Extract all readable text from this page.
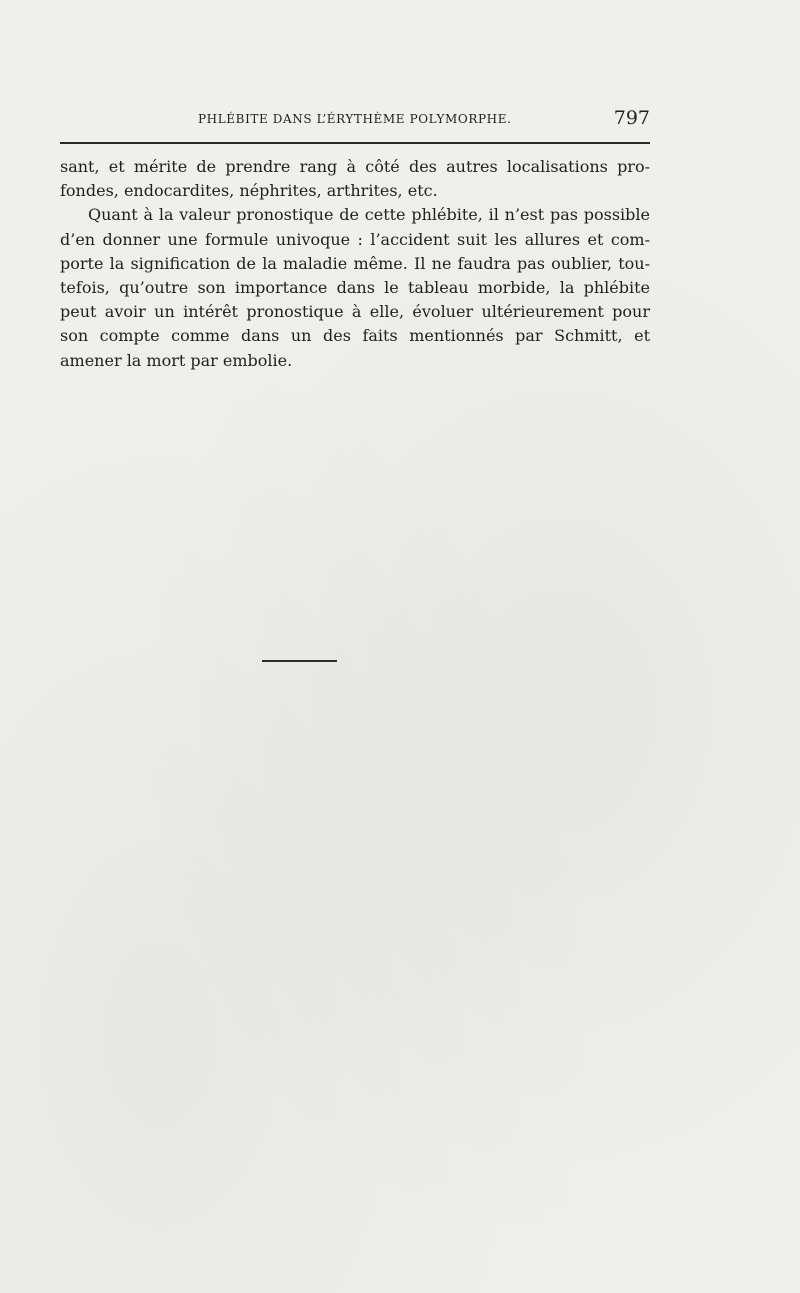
PHLÉBITE DANS L’ÉRYTHÈME POLYMORPHE.	797
sant, et mérite de prendre rang à côté des autres localisations pro-
fondes, endocardites, néphrites, arthrites, etc.
Quant à la valeur pronostique de cette phlébite, il n’est pas possible
d’en donner une formule univoque : l’accident suit les allures et com-
porte la signification de la maladie même. Il ne faudra pas oublier, tou-
tefois, qu’outre son importance dans le tableau morbide, la phlébite
peut avoir un intérêt pronostique à elle, évoluer ultérieurement pour
son compte comme dans un des faits mentionnés par Schmitt, et
amener la mort par embolie.
